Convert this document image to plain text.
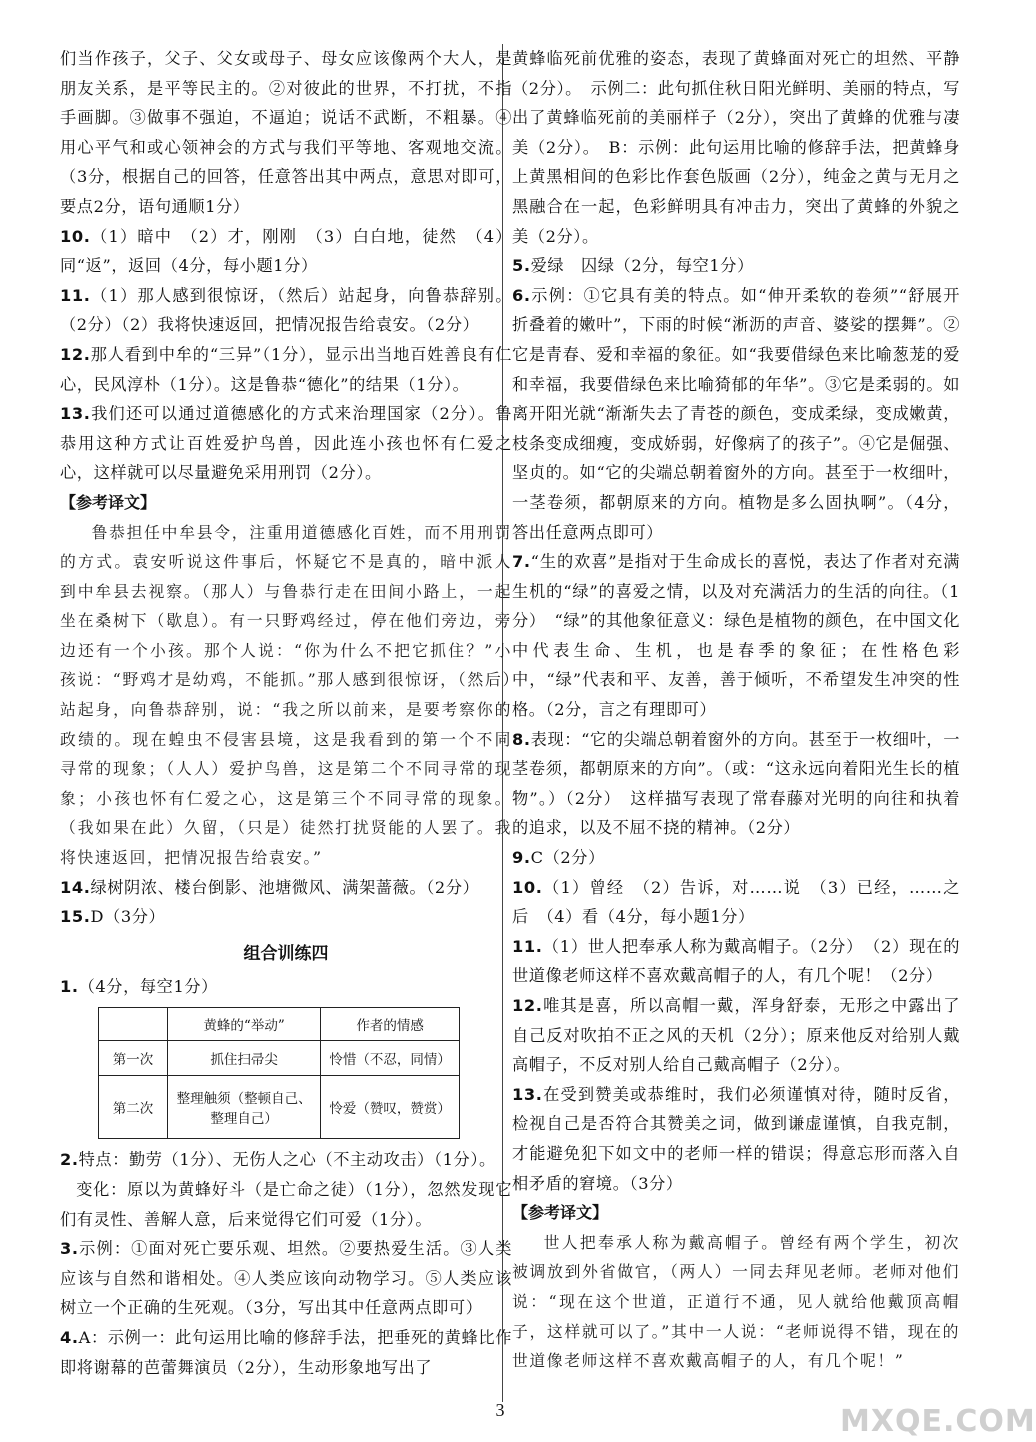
们当作孩子，父子、父女或母子、母女应该像两个大人，是朋友关系，是平等民主的。②对彼此的世界，不打扰，不指手画脚。③做事不强迫，不逼迫；说话不武断，不粗暴。④用心平气和或心领神会的方式与我们平等地、客观地交流。（3分，根据自己的回答，任意答出其中两点，意思对即可，要点2分，语句通顺1分）

10.（1）暗中　（2）才，刚刚　（3）白白地，徒然　（4）同“返”，返回（4分，每小题1分）

11.（1）那人感到很惊讶，（然后）站起身，向鲁恭辞别。（2分）（2）我将快速返回，把情况报告给袁安。（2分）

12.那人看到中牟的“三异”（1分），显示出当地百姓善良有仁心，民风淳朴（1分）。这是鲁恭“德化”的结果（1分）。

13.我们还可以通过道德感化的方式来治理国家（2分）。鲁恭用这种方式让百姓爱护鸟兽，因此连小孩也怀有仁爱之心，这样就可以尽量避免采用刑罚（2分）。

【参考译文】

鲁恭担任中牟县令，注重用道德感化百姓，而不用刑罚的方式。袁安听说这件事后，怀疑它不是真的，暗中派人到中牟县去视察。（那人）与鲁恭行走在田间小路上，一起坐在桑树下（歇息）。有一只野鸡经过，停在他们旁边，旁边还有一个小孩。那个人说：“你为什么不把它抓住？”小孩说：“野鸡才是幼鸡，不能抓。”那人感到很惊讶，（然后）站起身，向鲁恭辞别，说：“我之所以前来，是要考察你的政绩的。现在蝗虫不侵害县境，这是我看到的第一个不同寻常的现象；（人人）爱护鸟兽，这是第二个不同寻常的现象；小孩也怀有仁爱之心，这是第三个不同寻常的现象。（我如果在此）久留，（只是）徒然打扰贤能的人罢了。我将快速返回，把情况报告给袁安。”

14.绿树阴浓、楼台倒影、池塘微风、满架蔷薇。（2分）

15.D（3分）

组合训练四

1.（4分，每空1分）

	黄蜂的“举动”	作者的情感
第一次	抓住扫帚尖	怜惜（不忍，同情）
第二次	整理触须（整顿自己、
整理自己）	怜爱（赞叹，赞赏）

2.特点：勤劳（1分）、无伤人之心（不主动攻击）（1分）。

变化：原以为黄蜂好斗（是亡命之徒）（1分），忽然发现它们有灵性、善解人意，后来觉得它们可爱（1分）。

3.示例：①面对死亡要乐观、坦然。②要热爱生活。③人类应该与自然和谐相处。④人类应该向动物学习。⑤人类应该树立一个正确的生死观。（3分，写出其中任意两点即可）

4.A：示例一：此句运用比喻的修辞手法，把垂死的黄蜂比作即将谢幕的芭蕾舞演员（2分），生动形象地写出了

黄蜂临死前优雅的姿态，表现了黄蜂面对死亡的坦然、平静（2分）。　示例二：此句抓住秋日阳光鲜明、美丽的特点，写出了黄蜂临死前的美丽样子（2分），突出了黄蜂的优雅与凄美（2分）。　B：示例：此句运用比喻的修辞手法，把黄蜂身上黄黑相间的色彩比作套色版画（2分），纯金之黄与无月之黑融合在一起，色彩鲜明具有冲击力，突出了黄蜂的外貌之美（2分）。

5.爱绿　囚绿（2分，每空1分）

6.示例：①它具有美的特点。如“伸开柔软的卷须”“舒展开折叠着的嫩叶”，下雨的时候“淅沥的声音、婆娑的摆舞”。②它是青春、爱和幸福的象征。如“我要借绿色来比喻葱茏的爱和幸福，我要借绿色来比喻猗郁的年华”。③它是柔弱的。如离开阳光就“渐渐失去了青苍的颜色，变成柔绿，变成嫩黄，枝条变成细瘦，变成娇弱，好像病了的孩子”。④它是倔强、坚贞的。如“它的尖端总朝着窗外的方向。甚至于一枚细叶，一茎卷须，都朝原来的方向。植物是多么固执啊”。（4分，答出任意两点即可）

7.“生的欢喜”是指对于生命成长的喜悦，表达了作者对充满生机的“绿”的喜爱之情，以及对充满活力的生活的向往。（1分）　“绿”的其他象征意义：绿色是植物的颜色，在中国文化中代表生命、生机，也是春季的象征；在性格色彩中，“绿”代表和平、友善，善于倾听，不希望发生冲突的性格。（2分，言之有理即可）

8.表现：“它的尖端总朝着窗外的方向。甚至于一枚细叶，一茎卷须，都朝原来的方向”。（或：“这永远向着阳光生长的植物”。）（2分）　这样描写表现了常春藤对光明的向往和执着的追求，以及不屈不挠的精神。（2分）

9.C（2分）

10.（1）曾经　（2）告诉，对……说　（3）已经，……之后　（4）看（4分，每小题1分）

11.（1）世人把奉承人称为戴高帽子。（2分）　（2）现在的世道像老师这样不喜欢戴高帽子的人，有几个呢！（2分）

12.唯其是喜，所以高帽一戴，浑身舒泰，无形之中露出了自己反对吹拍不正之风的天机（2分）；原来他反对给别人戴高帽子，不反对别人给自己戴高帽子（2分）。

13.在受到赞美或恭维时，我们必须谨慎对待，随时反省，检视自己是否符合其赞美之词，做到谦虚谨慎，自我克制，才能避免犯下如文中的老师一样的错误；得意忘形而落入自相矛盾的窘境。（3分）

【参考译文】

世人把奉承人称为戴高帽子。曾经有两个学生，初次被调放到外省做官，（两人）一同去拜见老师。老师对他们说：“现在这个世道，正道行不通，见人就给他戴顶高帽子，这样就可以了。”其中一人说：“老师说得不错，现在的世道像老师这样不喜欢戴高帽子的人，有几个呢！”

3	MXQE.COM
